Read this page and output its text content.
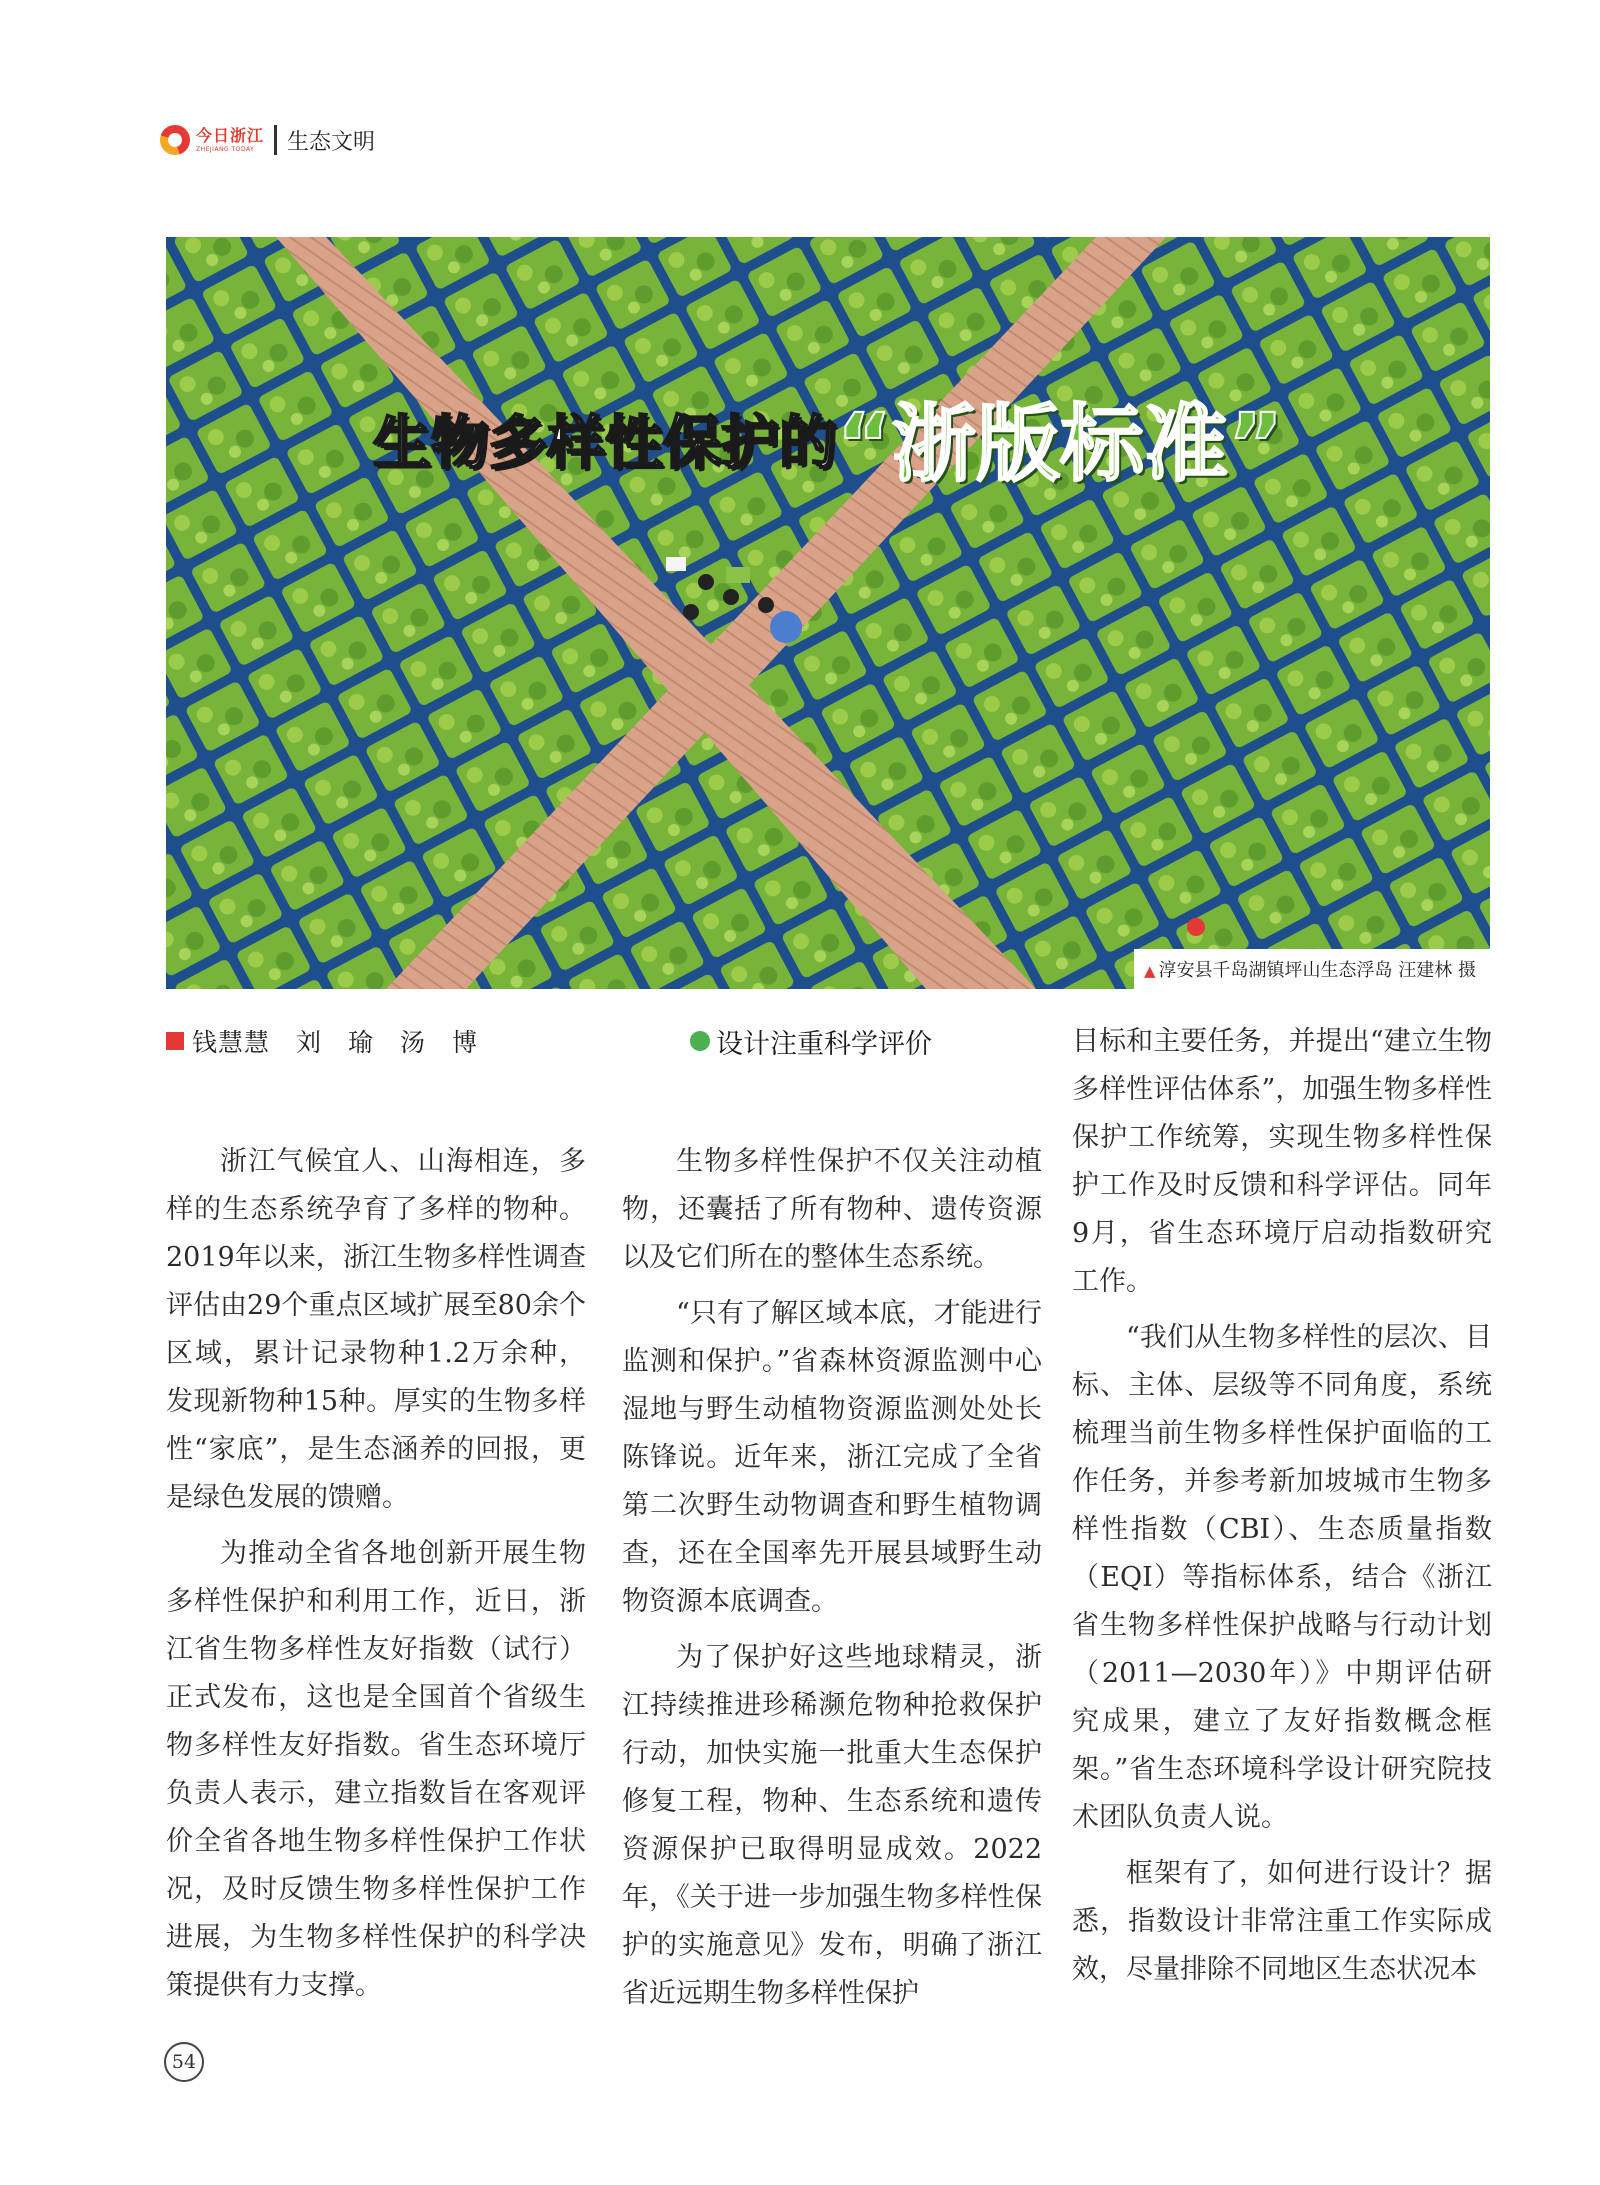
今日浙江
ZHEJIANG TODAY	生态文明
生物多样性保护的“浙版标准”
▲ 淳安县千岛湖镇坪山生态浮岛 汪建林 摄
钱慧慧　刘　瑜　汤　博

浙江气候宜人、山海相连，多样的生态系统孕育了多样的物种。2019年以来，浙江生物多样性调查评估由29个重点区域扩展至80余个区域，累计记录物种1.2万余种，发现新物种15种。厚实的生物多样性“家底”，是生态涵养的回报，更是绿色发展的馈赠。

为推动全省各地创新开展生物多样性保护和利用工作，近日，浙江省生物多样性友好指数（试行）正式发布，这也是全国首个省级生物多样性友好指数。省生态环境厅负责人表示，建立指数旨在客观评价全省各地生物多样性保护工作状况，及时反馈生物多样性保护工作进展，为生物多样性保护的科学决策提供有力支撑。

设计注重科学评价

生物多样性保护不仅关注动植物，还囊括了所有物种、遗传资源以及它们所在的整体生态系统。

“只有了解区域本底，才能进行监测和保护。”省森林资源监测中心湿地与野生动植物资源监测处处长陈锋说。近年来，浙江完成了全省第二次野生动物调查和野生植物调查，还在全国率先开展县域野生动物资源本底调查。

为了保护好这些地球精灵，浙江持续推进珍稀濒危物种抢救保护行动，加快实施一批重大生态保护修复工程，物种、生态系统和遗传资源保护已取得明显成效。2022年，《关于进一步加强生物多样性保护的实施意见》发布，明确了浙江省近远期生物多样性保护

目标和主要任务，并提出“建立生物多样性评估体系”，加强生物多样性保护工作统筹，实现生物多样性保护工作及时反馈和科学评估。同年9月，省生态环境厅启动指数研究工作。

“我们从生物多样性的层次、目标、主体、层级等不同角度，系统梳理当前生物多样性保护面临的工作任务，并参考新加坡城市生物多样性指数（CBI）、生态质量指数（EQI）等指标体系，结合《浙江省生物多样性保护战略与行动计划（2011—2030年）》中期评估研究成果，建立了友好指数概念框架。”省生态环境科学设计研究院技术团队负责人说。

框架有了，如何进行设计？据悉，指数设计非常注重工作实际成效，尽量排除不同地区生态状况本

54
